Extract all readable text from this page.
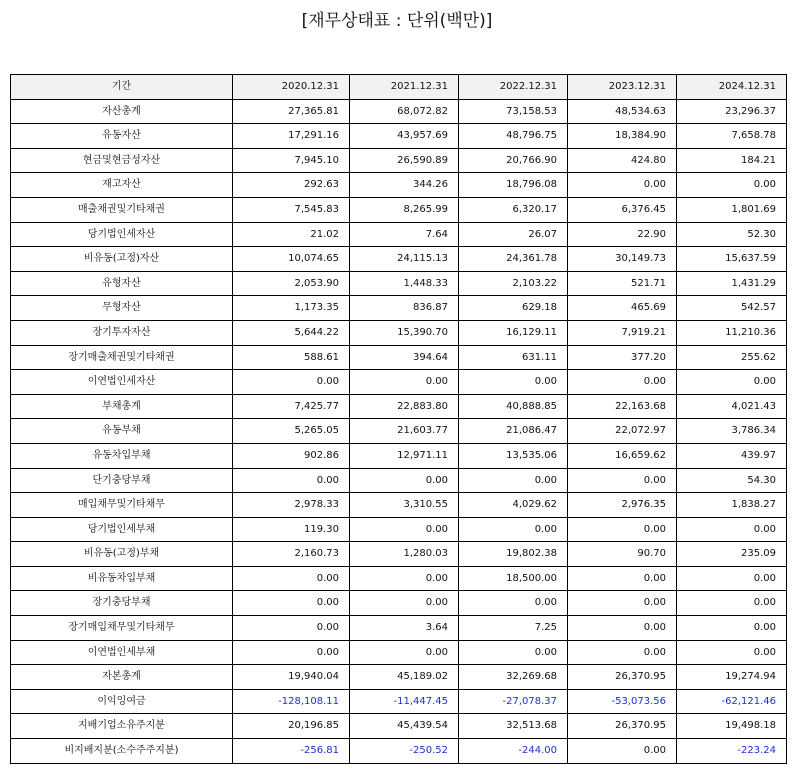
[재무상태표 : 단위(백만)]
기간	2020.12.31	2021.12.31	2022.12.31	2023.12.31	2024.12.31
자산총계	27,365.81	68,072.82	73,158.53	48,534.63	23,296.37
유동자산	17,291.16	43,957.69	48,796.75	18,384.90	7,658.78
현금및현금성자산	7,945.10	26,590.89	20,766.90	424.80	184.21
재고자산	292.63	344.26	18,796.08	0.00	0.00
매출채권및기타채권	7,545.83	8,265.99	6,320.17	6,376.45	1,801.69
당기법인세자산	21.02	7.64	26.07	22.90	52.30
비유동(고정)자산	10,074.65	24,115.13	24,361.78	30,149.73	15,637.59
유형자산	2,053.90	1,448.33	2,103.22	521.71	1,431.29
무형자산	1,173.35	836.87	629.18	465.69	542.57
장기투자자산	5,644.22	15,390.70	16,129.11	7,919.21	11,210.36
장기매출채권및기타채권	588.61	394.64	631.11	377.20	255.62
이연법인세자산	0.00	0.00	0.00	0.00	0.00
부채총계	7,425.77	22,883.80	40,888.85	22,163.68	4,021.43
유동부채	5,265.05	21,603.77	21,086.47	22,072.97	3,786.34
유동차입부채	902.86	12,971.11	13,535.06	16,659.62	439.97
단기충당부채	0.00	0.00	0.00	0.00	54.30
매입채무및기타채무	2,978.33	3,310.55	4,029.62	2,976.35	1,838.27
당기법인세부채	119.30	0.00	0.00	0.00	0.00
비유동(고정)부채	2,160.73	1,280.03	19,802.38	90.70	235.09
비유동차입부채	0.00	0.00	18,500.00	0.00	0.00
장기충당부채	0.00	0.00	0.00	0.00	0.00
장기매입채무및기타채무	0.00	3.64	7.25	0.00	0.00
이연법인세부채	0.00	0.00	0.00	0.00	0.00
자본총계	19,940.04	45,189.02	32,269.68	26,370.95	19,274.94
이익잉여금	-128,108.11	-11,447.45	-27,078.37	-53,073.56	-62,121.46
지배기업소유주지분	20,196.85	45,439.54	32,513.68	26,370.95	19,498.18
비지배지분(소수주주지분)	-256.81	-250.52	-244.00	0.00	-223.24
